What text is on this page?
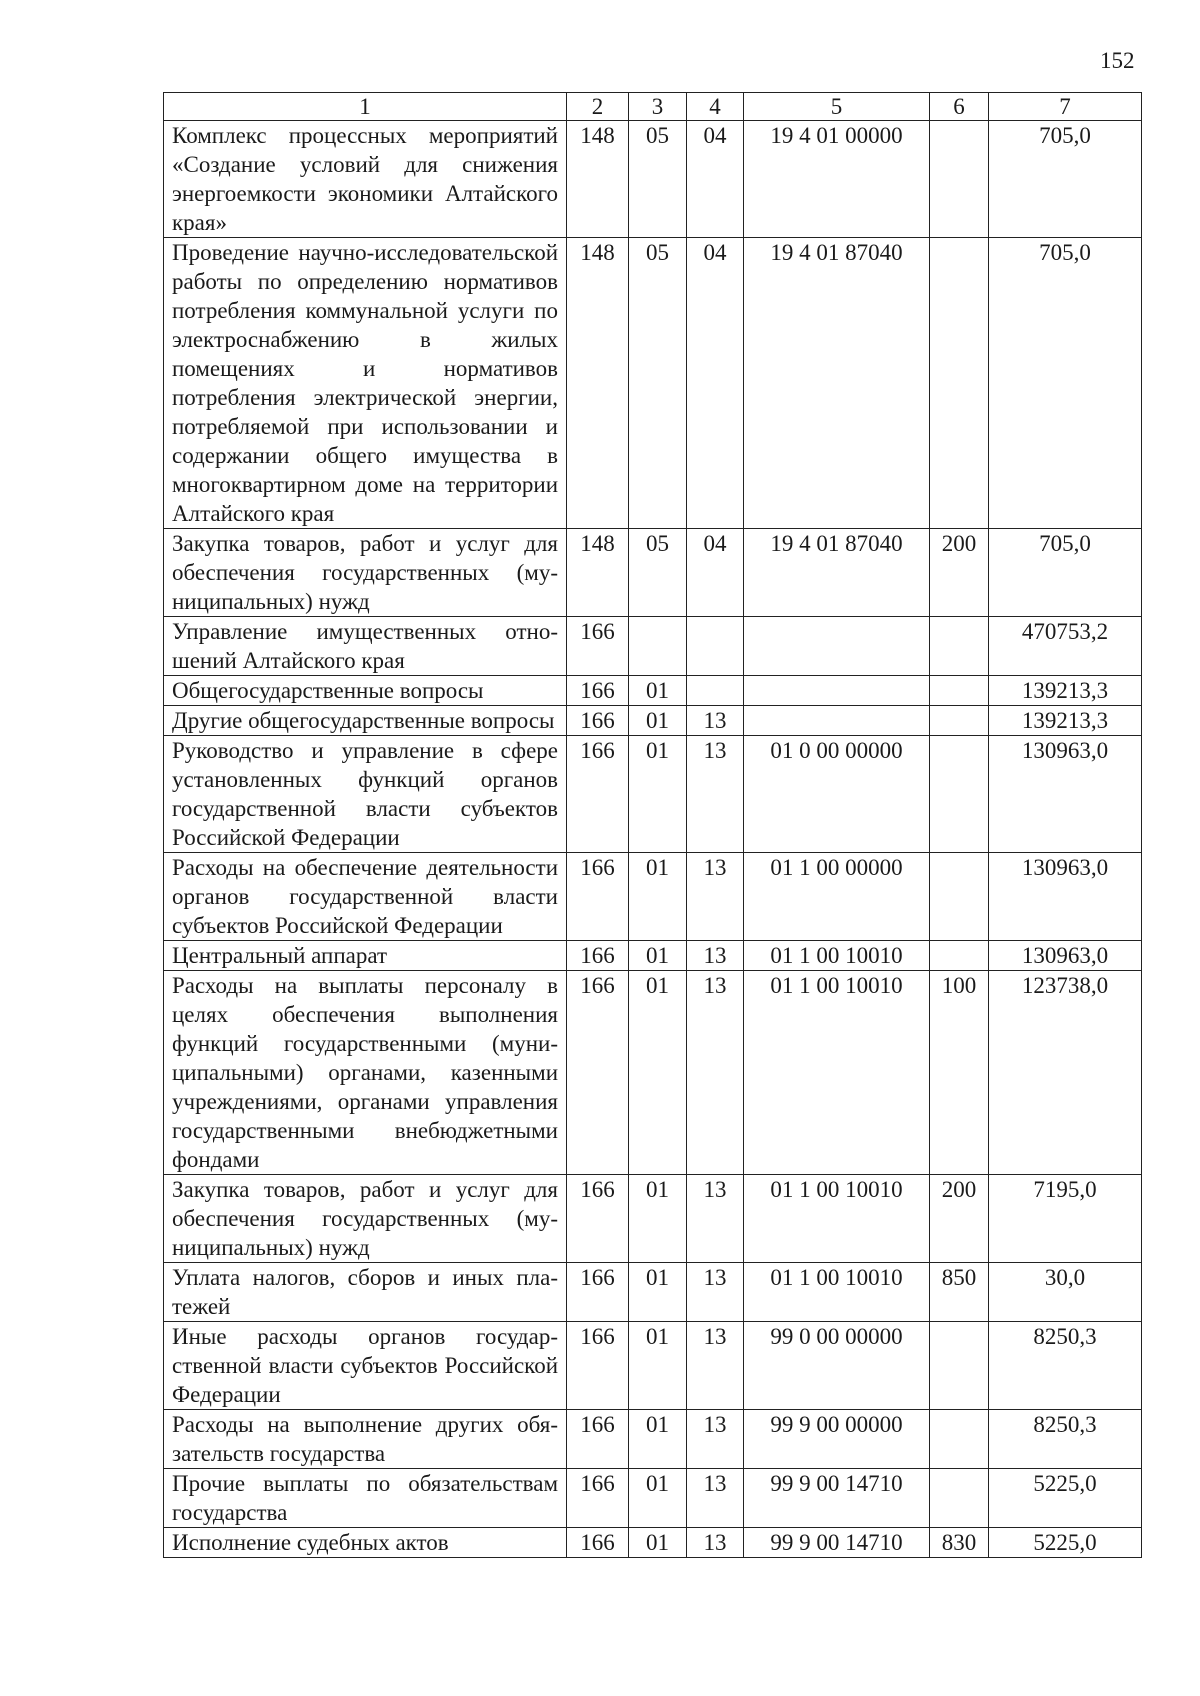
152
1	2	3	4	5	6	7
Комплекс процессных мероприятий «Создание условий для снижения энергоемкости экономики Алтайского края»	148	05	04	19 4 01 00000		705,0
Проведение научно-исследовательской работы по определению нормативов потребления коммунальной услуги по электроснабжению в жилых помещениях и нормативов потребления электрической энергии, потребляемой при использовании и содержании общего имущества в многоквартирном доме на территории Алтайского края	148	05	04	19 4 01 87040		705,0
Закупка товаров, работ и услуг для обеспечения государственных (муниципальных) нужд	148	05	04	19 4 01 87040	200	705,0
Управление имущественных отношений Алтайского края	166					470753,2
Общегосударственные вопросы	166	01				139213,3
Другие общегосударственные вопросы	166	01	13			139213,3
Руководство и управление в сфере установленных функций органов государственной власти субъектов Российской Федерации	166	01	13	01 0 00 00000		130963,0
Расходы на обеспечение деятельности органов государственной власти субъектов Российской Федерации	166	01	13	01 1 00 00000		130963,0
Центральный аппарат	166	01	13	01 1 00 10010		130963,0
Расходы на выплаты персоналу в целях обеспечения выполнения функций государственными (муниципальными) органами, казенными учреждениями, органами управления государственными внебюджетными фондами	166	01	13	01 1 00 10010	100	123738,0
Закупка товаров, работ и услуг для обеспечения государственных (муниципальных) нужд	166	01	13	01 1 00 10010	200	7195,0
Уплата налогов, сборов и иных платежей	166	01	13	01 1 00 10010	850	30,0
Иные расходы органов государственной власти субъектов Российской Федерации	166	01	13	99 0 00 00000		8250,3
Расходы на выполнение других обязательств государства	166	01	13	99 9 00 00000		8250,3
Прочие выплаты по обязательствам государства	166	01	13	99 9 00 14710		5225,0
Исполнение судебных актов	166	01	13	99 9 00 14710	830	5225,0
